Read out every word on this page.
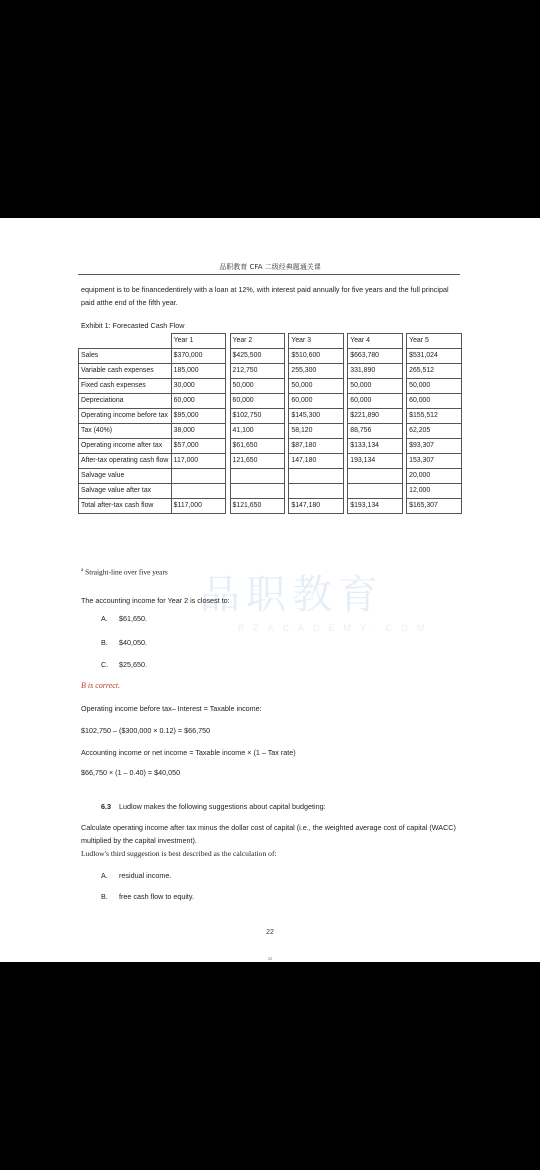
品职教育 CFA 二级经典题通关课

equipment is to be financedentirely with a loan at 12%, with interest paid annually for five years and the full principal paid atthe end of the fifth year.

Exhibit 1: Forecasted Cash Flow

	Year 1		Year 2		Year 3		Year 4		Year 5
Sales	$370,000		$425,500		$510,600		$663,780		$531,024
Variable cash expenses	185,000		212,750		255,300		331,890		265,512
Fixed cash expenses	30,000		50,000		50,000		50,000		50,000
Depreciationa	60,000		60,000		60,000		60,000		60,000
Operating income before tax	$95,000		$102,750		$145,300		$221,890		$155,512
Tax (40%)	38,000		41,100		58,120		88,756		62,205
Operating income after tax	$57,000		$61,650		$87,180		$133,134		$93,307
After-tax operating cash flow	117,000		121,650		147,180		193,134		153,307
Salvage value									20,000
Salvage value after tax									12,000
Total after-tax cash flow	$117,000		$121,650		$147,180		$193,134		$165,307
品职教育
PZACADEMY.COM

$^a$ Straight-line over five years

The accounting income for Year 2 is closest to:

A. $61,650.
B. $40,050.
C. $25,650.

B is correct.

Operating income before tax– Interest = Taxable income:

$102,750 – ($300,000 × 0.12) = $66,750

Accounting income or net income = Taxable income × (1 – Tax rate)

$66,750 × (1 – 0.40) = $40,050

6.3 Ludlow makes the following suggestions about capital budgeting:

Calculate operating income after tax minus the dollar cost of capital (i.e., the weighted average cost of capital (WACC) multiplied by the capital investment).

Ludlow's third suggestion is best described as the calculation of:

A. residual income.
B. free cash flow to equity.
22
22
